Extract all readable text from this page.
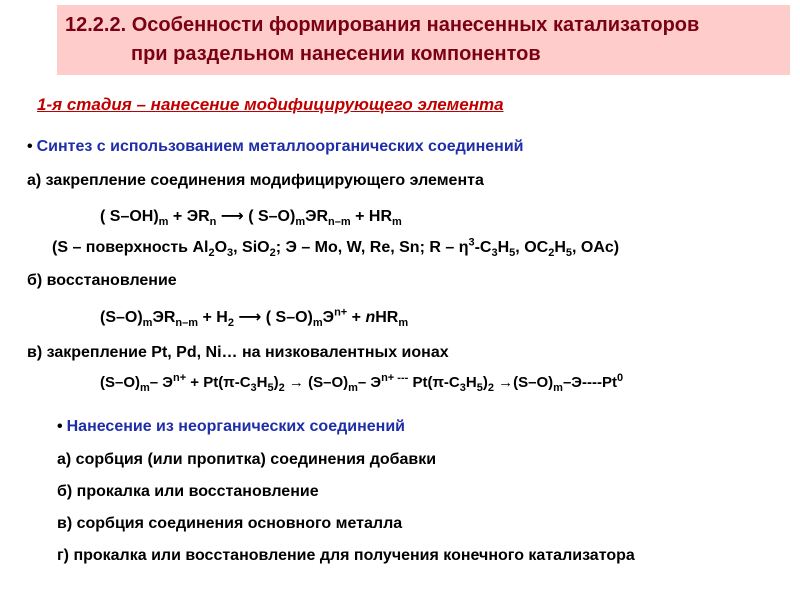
12.2.2. Особенности формирования нанесенных катализаторов
при раздельном нанесении компонентов
1-я стадия – нанесение модифицирующего элемента
• Синтез с использованием металлоорганических соединений
а) закрепление соединения модифицирующего элемента
( $S-OH)_m + ЭR_n$ ⟶ ( $S-O)_mЭR_{n-m} + HR_m$
(S – поверхность $Al_2O_3$, SiO$_2$; Э – Mo, W, Re, Sn; R – $\eta^3-C_3H_5$, $OC_2H_5$, OAc)
б) восстановление
$(S-O)_mЭR_{n-m} + H_2$ ⟶ ( $S-O)_mЭ^{n+} + nHR_m$
в) закрепление Pt, Pd, Ni… на низковалентных ионах
$(S-O)_m-$ $Э^{n+} + Pt(\pi-C_3H_5)_2 \to (S-O)_m-$ $Э^{n+ ---}$ $Pt(\pi-C_3H_5)_2 \to(S-O)_m-Э----Pt^0$
• Нанесение из неорганических соединений
а) сорбция (или пропитка) соединения добавки
б) прокалка или восстановление
в) сорбция соединения основного металла
г) прокалка или восстановление для получения конечного катализатора
